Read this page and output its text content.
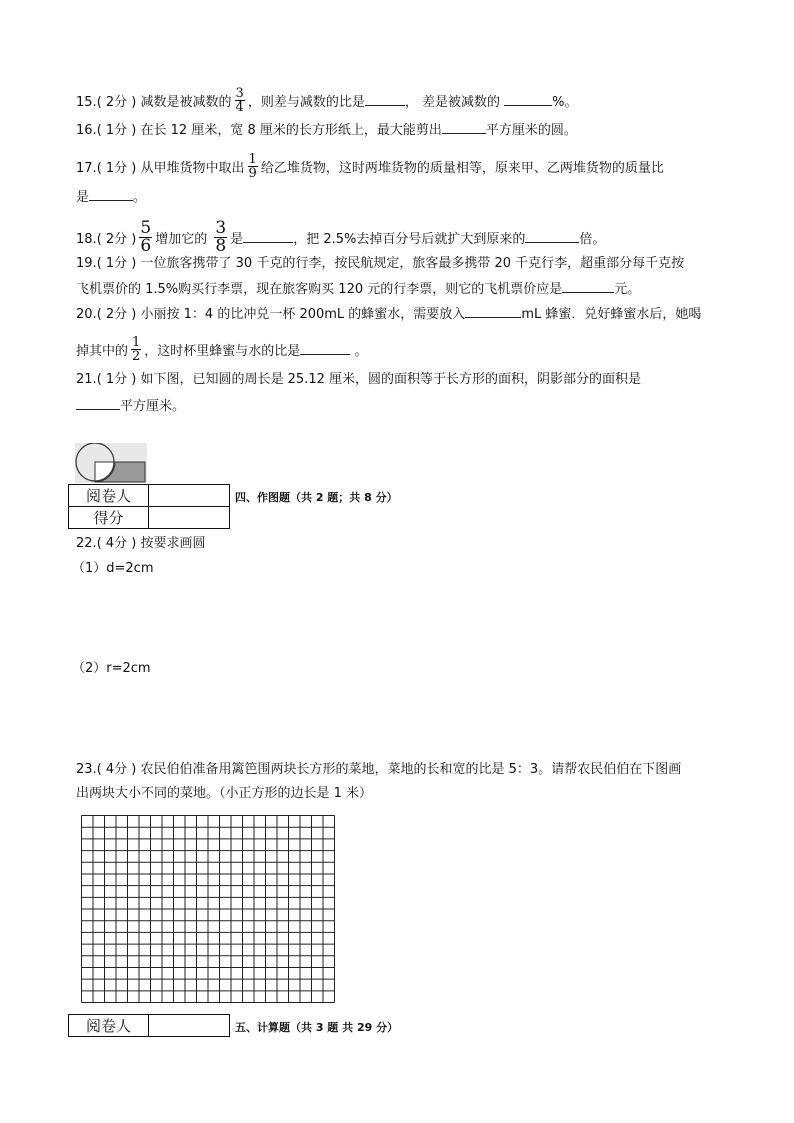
15.( 2分 ) 减数是被减数的 $\frac{3}{4}$ ，则差与减数的比是	， 差是被减数的	%。
16.( 1分 ) 在长 12 厘米，宽 8 厘米的长方形纸上，最大能剪出	平方厘米的圆。
17.( 1分 ) 从甲堆货物中取出 $\frac{1}{9}$ 给乙堆货物，这时两堆货物的质量相等，原来甲、乙两堆货物的质量比
是	。
18.( 2分 ) $\frac{5}{6}$ 增加它的 $\frac{3}{8}$ 是	，把 2.5%去掉百分号后就扩大到原来的	倍。
19.( 1分 ) 一位旅客携带了 30 千克的行李，按民航规定，旅客最多携带 20 千克行李，超重部分每千克按
飞机票价的 1.5%购买行李票，现在旅客购买 120 元的行李票，则它的飞机票价应是	元。
20.( 2分 ) 小丽按 1：4 的比冲兑一杯 200mL 的蜂蜜水，需要放入	mL 蜂蜜．兑好蜂蜜水后，她喝
掉其中的 $\frac{1}{2}$ ，这时杯里蜂蜜与水的比是	。
21.( 1分 ) 如下图，已知圆的周长是 25.12 厘米，圆的面积等于长方形的面积，阴影部分的面积是
平方厘米。
阅卷人	
得分	
四、作图题（共 2 题；共 8 分）
22.( 4分 ) 按要求画圆
（1）d=2cm
（2）r=2cm
23.( 4分 ) 农民伯伯准备用篱笆围两块长方形的菜地，菜地的长和宽的比是 5：3。请帮农民伯伯在下图画
出两块大小不同的菜地。（小正方形的边长是 1 米）
阅卷人		五、计算题（共 3 题 共 29 分）
